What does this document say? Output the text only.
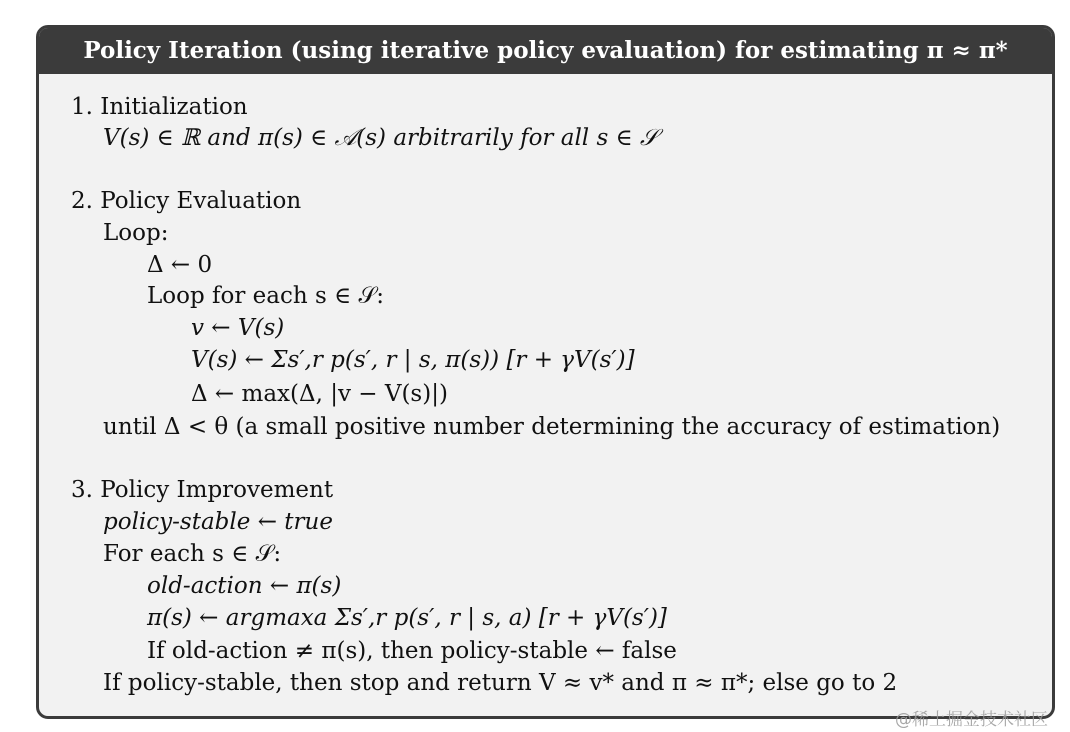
Policy Iteration (using iterative policy evaluation) for estimating π ≈ π*
1. Initialization
V(s) ∈ ℝ and π(s) ∈ 𝒜(s) arbitrarily for all s ∈ 𝒮
2. Policy Evaluation
Loop:
Δ ← 0
Loop for each s ∈ 𝒮:
v ← V(s)
V(s) ← Σs′,r p(s′, r | s, π(s)) [r + γV(s′)]
Δ ← max(Δ, |v − V(s)|)
until Δ < θ (a small positive number determining the accuracy of estimation)
3. Policy Improvement
policy-stable ← true
For each s ∈ 𝒮:
old-action ← π(s)
π(s) ← argmaxa Σs′,r p(s′, r | s, a) [r + γV(s′)]
If old-action ≠ π(s), then policy-stable ← false
If policy-stable, then stop and return V ≈ v* and π ≈ π*; else go to 2
@稀土掘金技术社区
